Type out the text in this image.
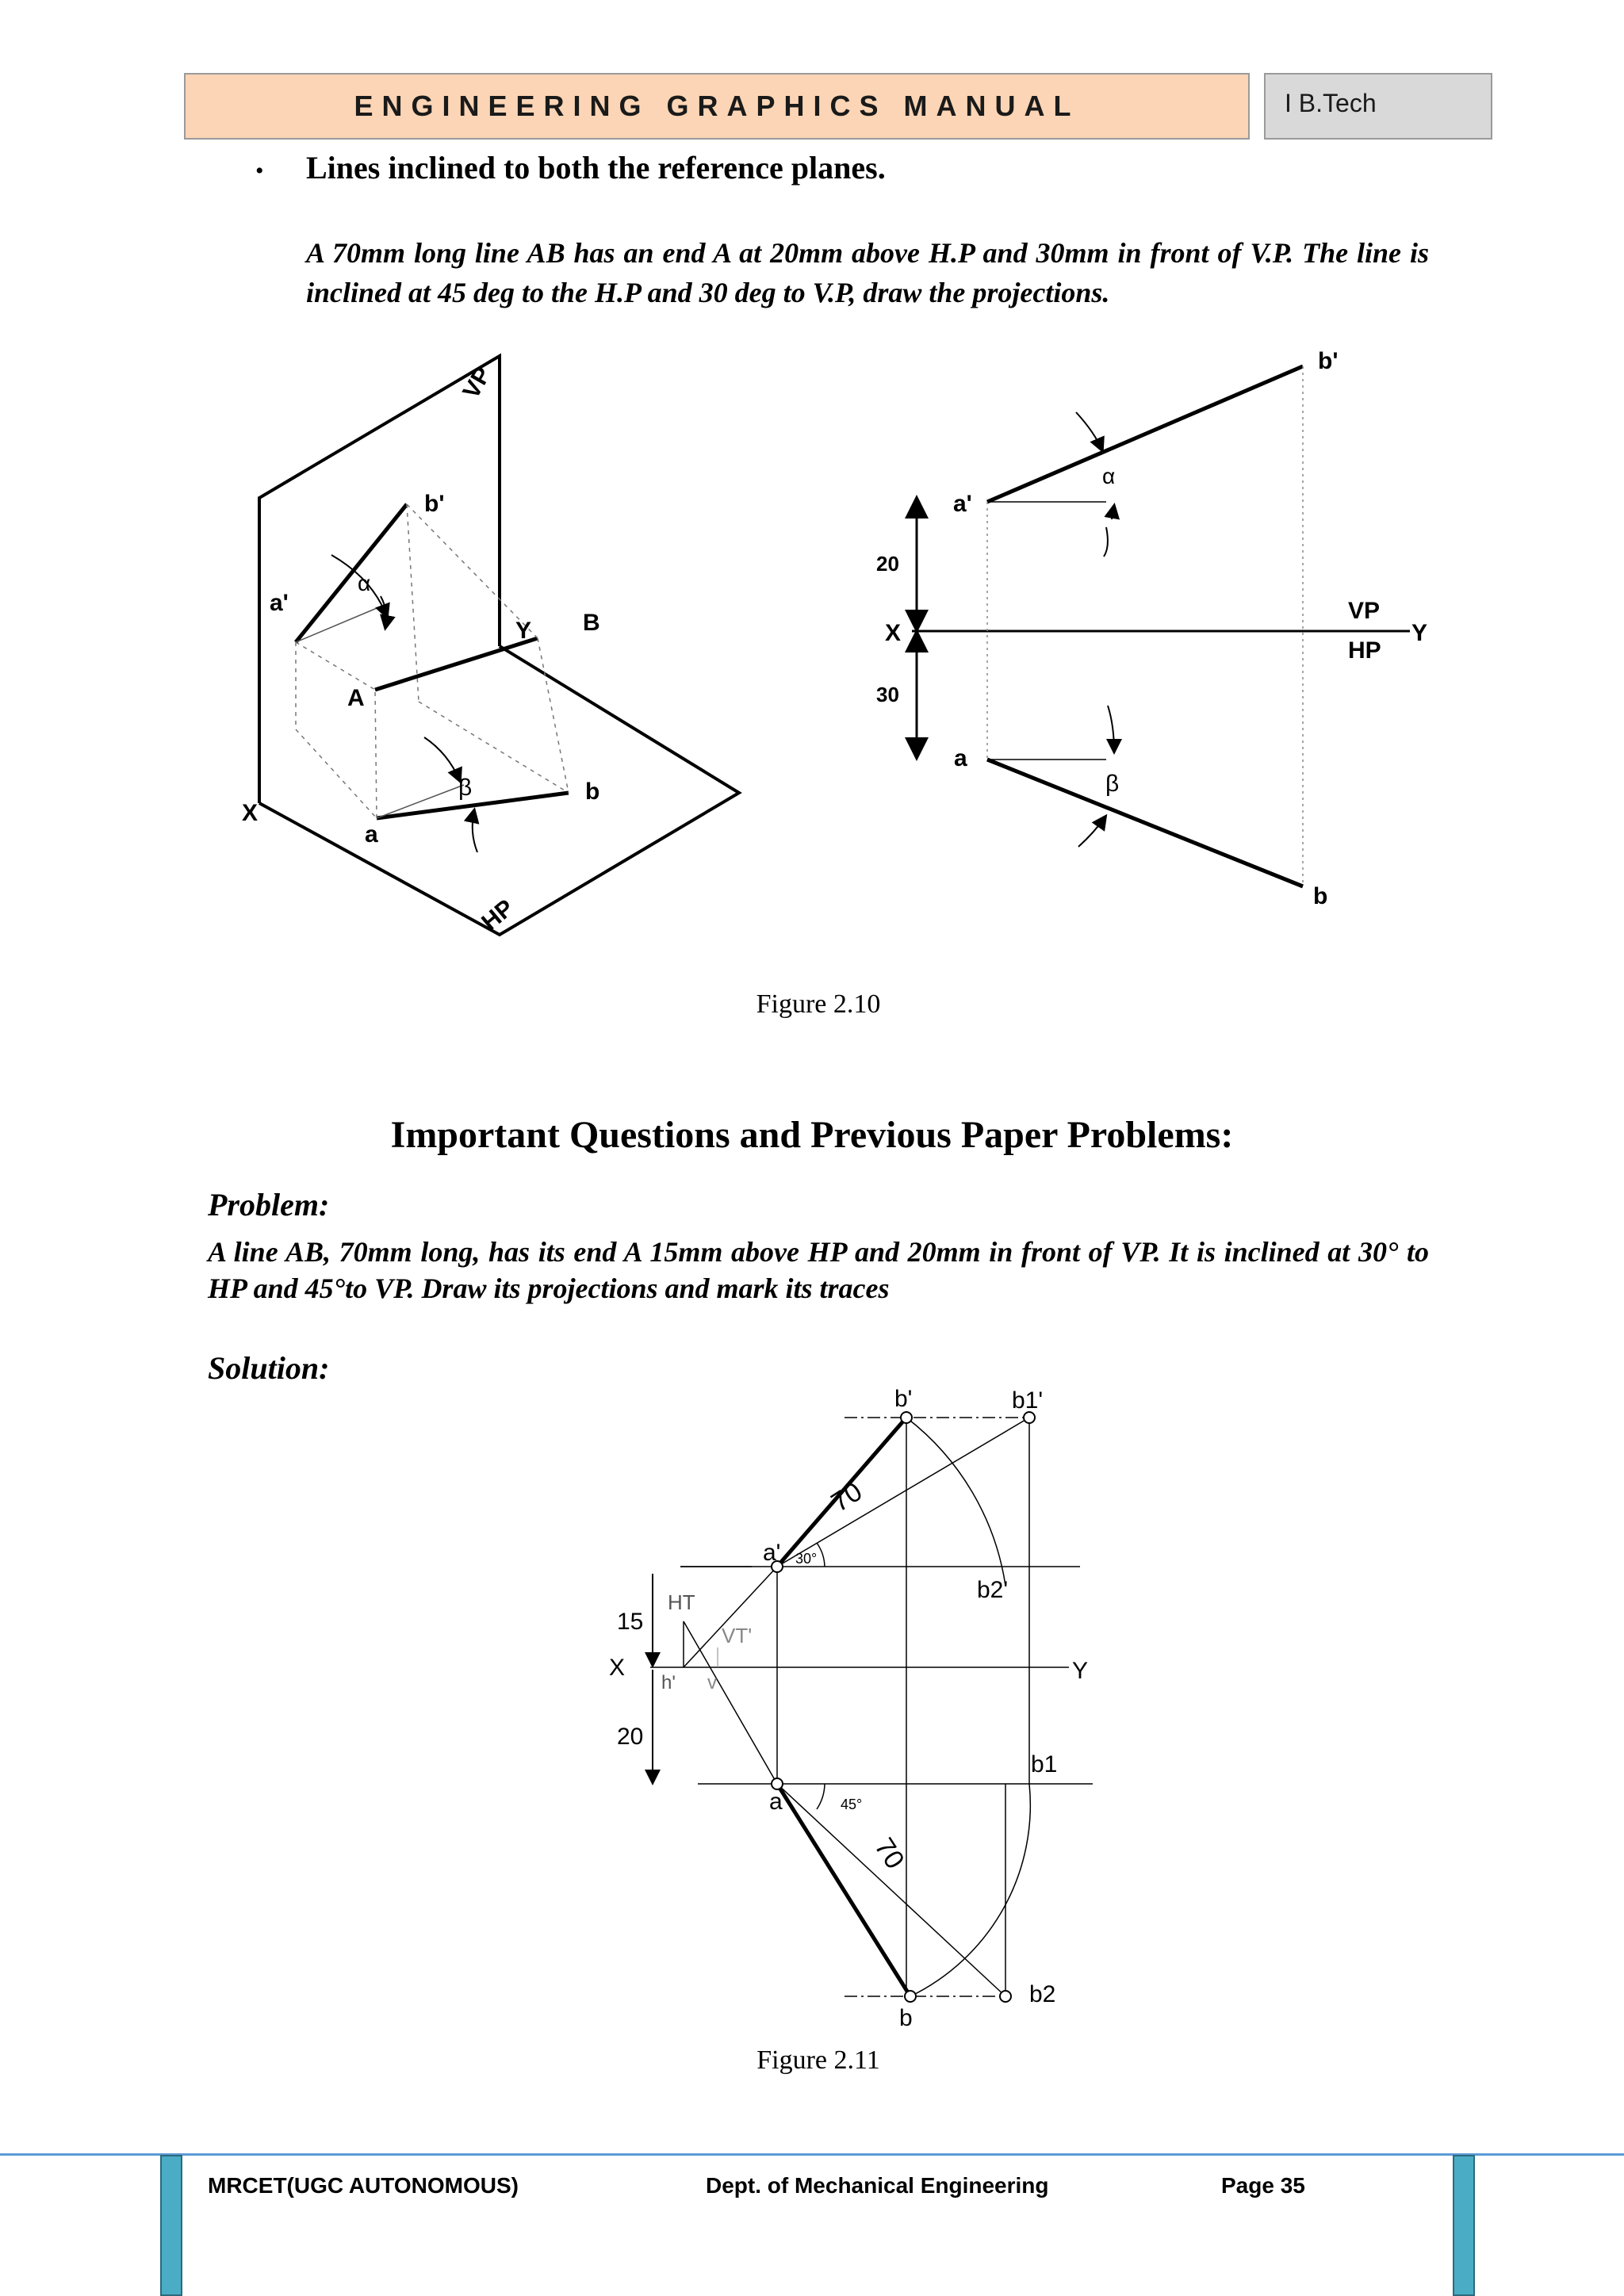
ENGINEERING GRAPHICS MANUAL	I B.Tech
•	Lines inclined to both the reference planes.
A 70mm long line AB has an end A at 20mm above H.P and 30mm in front of V.P. The line is inclined at 45 deg to the H.P and 30 deg to V.P, draw the projections.
VP
HP
X
Y
a'
b'
A
B
a
b
α
β
b'
a'
α
X	Y
VP
HP
a
β
b
20
30
Figure 2.10
Important Questions and Previous Paper Problems:
Problem:
A line AB, 70mm long, has its end A 15mm above HP and 20mm in front of VP. It is inclined at 30° to HP and 45°to VP. Draw its projections and mark its traces
Solution:
b'	b1'
70
a' 30°
b2'
HT
15
VT'
X
h' v	Y
20
b1
a	45°
70
b
b2
Figure 2.11
MRCET(UGC AUTONOMOUS)	Dept. of Mechanical Engineering	Page 35
